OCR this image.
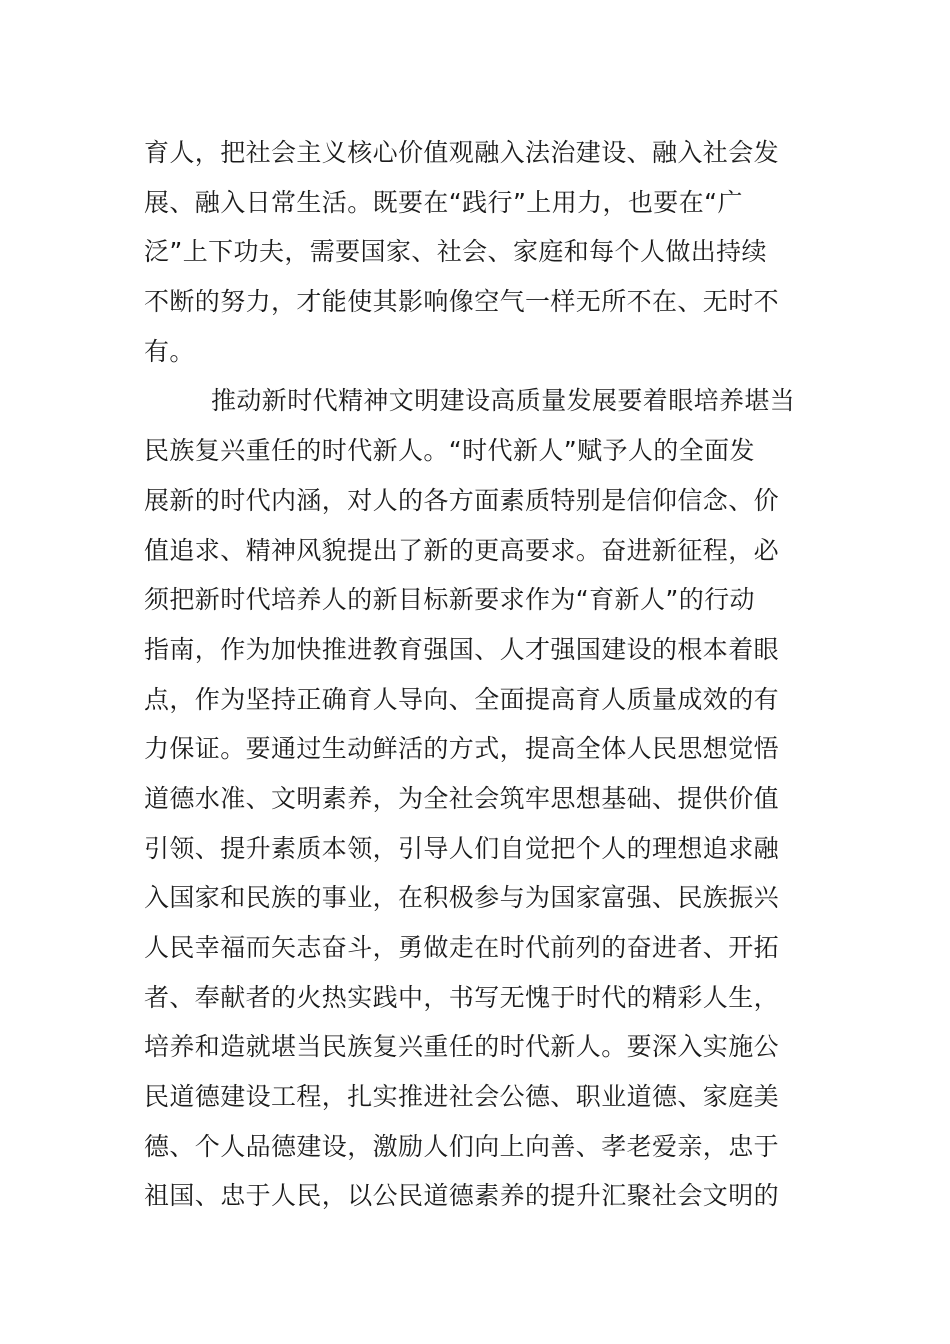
育人，把社会主义核心价值观融入法治建设、融入社会发
展、融入日常生活。既要在“践行”上用力，也要在“广
泛”上下功夫，需要国家、社会、家庭和每个人做出持续
不断的努力，才能使其影响像空气一样无所不在、无时不
有。
推动新时代精神文明建设高质量发展要着眼培养堪当
民族复兴重任的时代新人。“时代新人”赋予人的全面发
展新的时代内涵，对人的各方面素质特别是信仰信念、价
值追求、精神风貌提出了新的更高要求。奋进新征程，必
须把新时代培养人的新目标新要求作为“育新人”的行动
指南，作为加快推进教育强国、人才强国建设的根本着眼
点，作为坚持正确育人导向、全面提高育人质量成效的有
力保证。要通过生动鲜活的方式，提高全体人民思想觉悟
道德水准、文明素养，为全社会筑牢思想基础、提供价值
引领、提升素质本领，引导人们自觉把个人的理想追求融
入国家和民族的事业，在积极参与为国家富强、民族振兴
人民幸福而矢志奋斗，勇做走在时代前列的奋进者、开拓
者、奉献者的火热实践中，书写无愧于时代的精彩人生，
培养和造就堪当民族复兴重任的时代新人。要深入实施公
民道德建设工程，扎实推进社会公德、职业道德、家庭美
德、个人品德建设，激励人们向上向善、孝老爱亲，忠于
祖国、忠于人民，以公民道德素养的提升汇聚社会文明的
